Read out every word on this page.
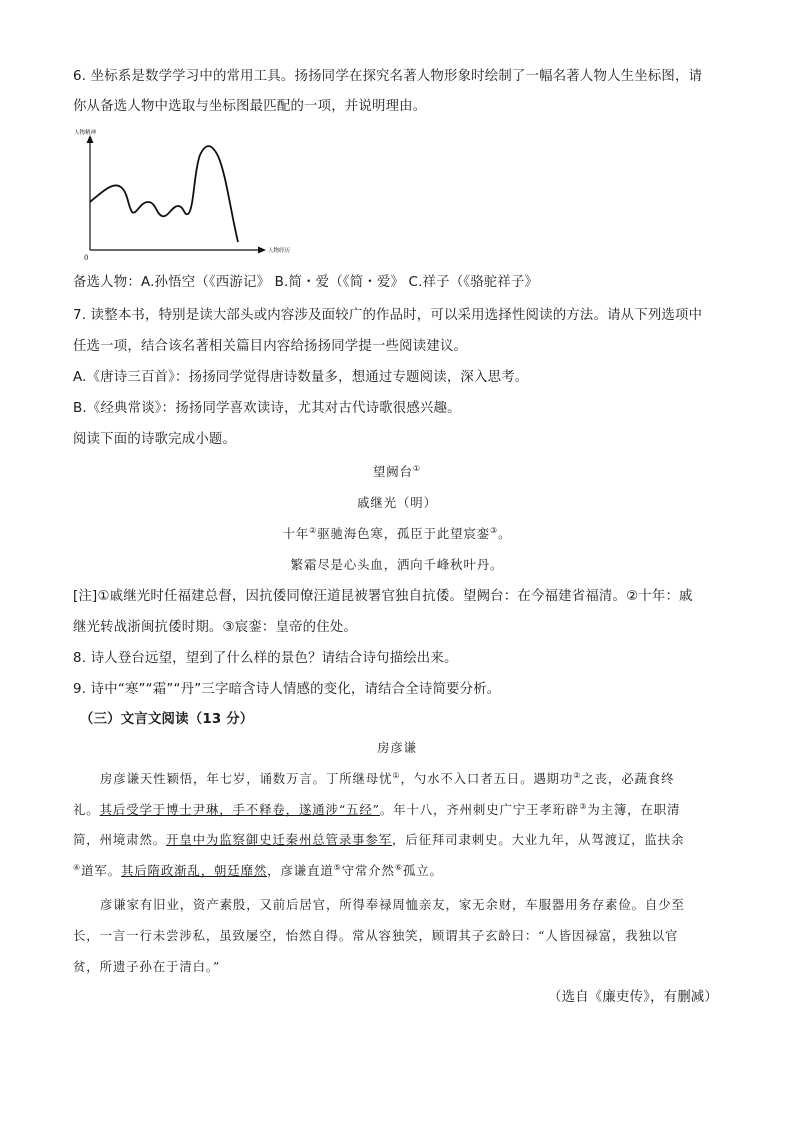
6. 坐标系是数学学习中的常用工具。扬扬同学在探究名著人物形象时绘制了一幅名著人物人生坐标图，请
你从备选人物中选取与坐标图最匹配的一项，并说明理由。
人物精神
人物经历
0
备选人物：A.孙悟空（《西游记》 B.简・爱（《简・爱》 C.祥子（《骆驼祥子》
7. 读整本书，特别是读大部头或内容涉及面较广的作品时，可以采用选择性阅读的方法。请从下列选项中
任选一项，结合该名著相关篇目内容给扬扬同学提一些阅读建议。
A.《唐诗三百首》：扬扬同学觉得唐诗数量多，想通过专题阅读，深入思考。
B.《经典常谈》：扬扬同学喜欢读诗，尤其对古代诗歌很感兴趣。
阅读下面的诗歌完成小题。
望阙台①
戚继光（明）
十年②驱驰海色寒，孤臣于此望宸銮③。
繁霜尽是心头血，洒向千峰秋叶丹。
[注]①戚继光时任福建总督，因抗倭同僚汪道昆被署官独自抗倭。望阙台：在今福建省福清。②十年：戚
继光转战浙闽抗倭时期。③宸銮：皇帝的住处。
8. 诗人登台远望，望到了什么样的景色？请结合诗句描绘出来。
9. 诗中“寒”“霜”“丹”三字暗含诗人情感的变化，请结合全诗简要分析。
（三）文言文阅读（13 分）
房彦谦
房彦谦天性颖悟，年七岁，诵数万言。丁所继母忧①，勺水不入口者五日。遇期功②之丧，必蔬食终
礼。其后受学于博士尹琳，手不释卷，遂通涉“五经”。年十八，齐州刺史广宁王孝珩辟③为主簿，在职清
简，州境肃然。开皇中为监察御史迁秦州总管录事参军，后征拜司隶刺史。大业九年，从驾渡辽，监扶余
④道军。其后隋政渐乱，朝廷靡然，彦谦直道⑤守常介然⑥孤立。
彦谦家有旧业，资产素殷，又前后居官，所得奉禄周恤亲友，家无余财，车服器用务存素俭。自少至
长，一言一行未尝涉私，虽致屡空，怡然自得。常从容独笑，顾谓其子玄龄曰：“人皆因禄富，我独以官
贫，所遗子孙在于清白。”
（选自《廉吏传》，有删减）
